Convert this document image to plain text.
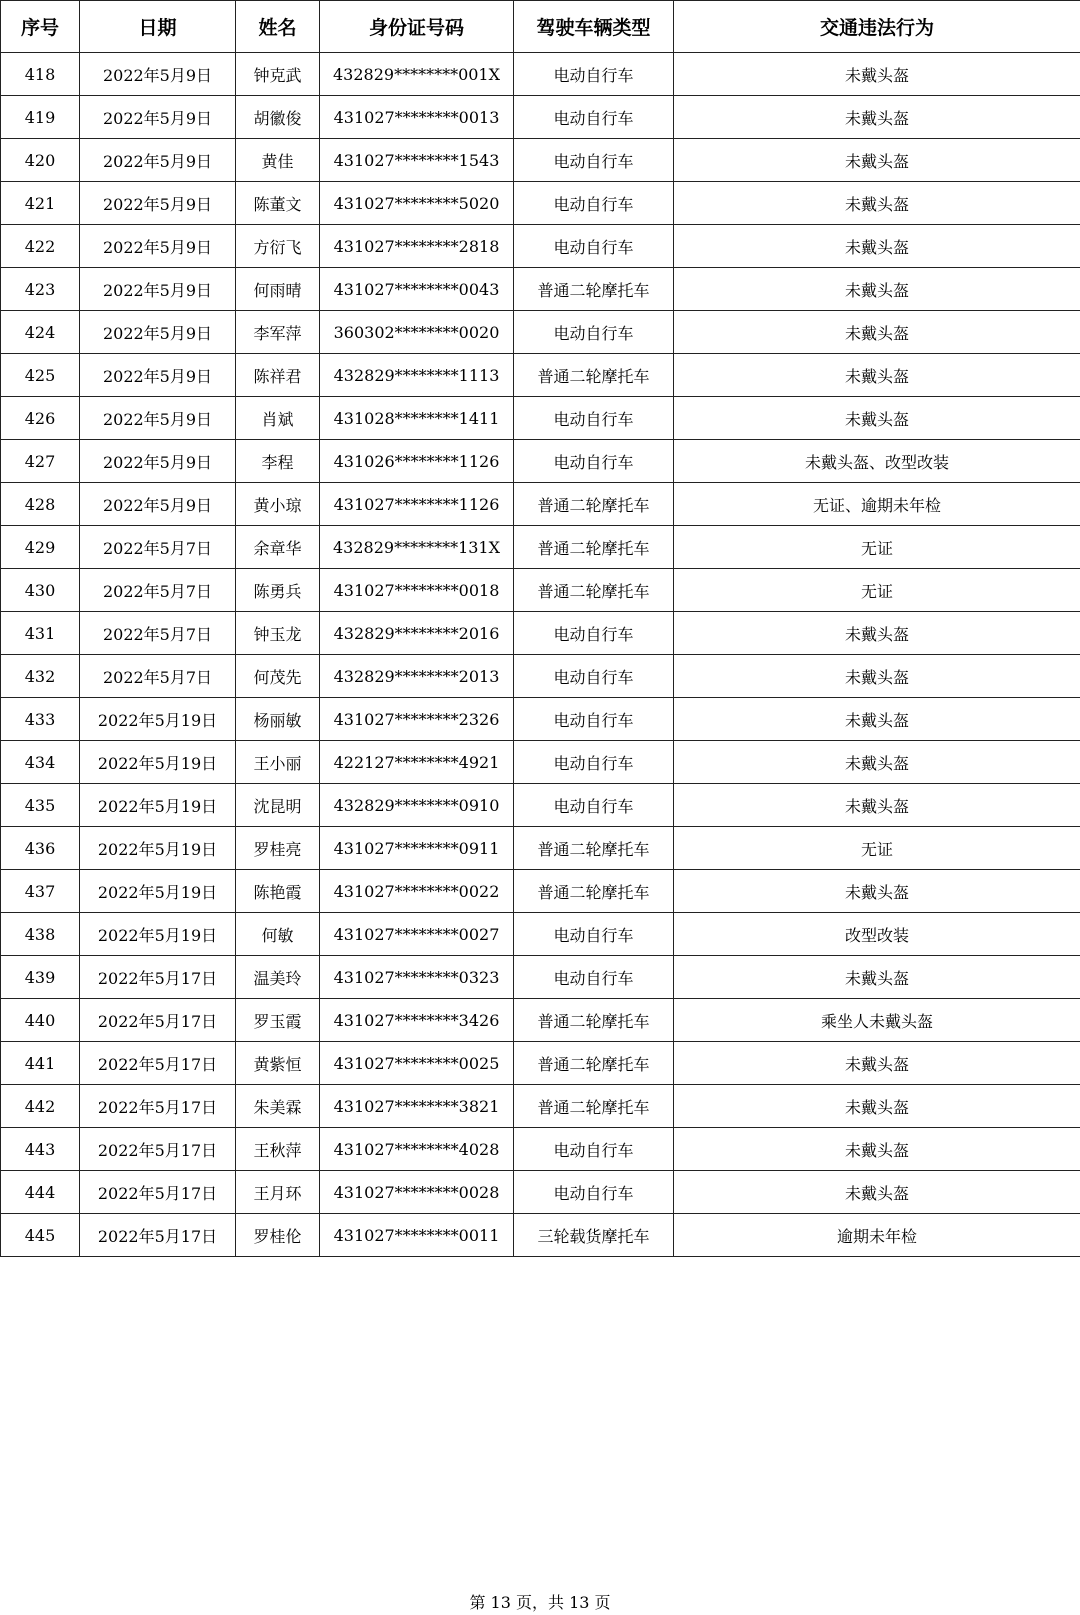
序号	日期	姓名	身份证号码	驾驶车辆类型	交通违法行为
418	2022年5月9日	钟克武	432829********001X	电动自行车	未戴头盔
419	2022年5月9日	胡徽俊	431027********0013	电动自行车	未戴头盔
420	2022年5月9日	黄佳	431027********1543	电动自行车	未戴头盔
421	2022年5月9日	陈董文	431027********5020	电动自行车	未戴头盔
422	2022年5月9日	方衍飞	431027********2818	电动自行车	未戴头盔
423	2022年5月9日	何雨晴	431027********0043	普通二轮摩托车	未戴头盔
424	2022年5月9日	李军萍	360302********0020	电动自行车	未戴头盔
425	2022年5月9日	陈祥君	432829********1113	普通二轮摩托车	未戴头盔
426	2022年5月9日	肖斌	431028********1411	电动自行车	未戴头盔
427	2022年5月9日	李程	431026********1126	电动自行车	未戴头盔、改型改装
428	2022年5月9日	黄小琼	431027********1126	普通二轮摩托车	无证、逾期未年检
429	2022年5月7日	余章华	432829********131X	普通二轮摩托车	无证
430	2022年5月7日	陈勇兵	431027********0018	普通二轮摩托车	无证
431	2022年5月7日	钟玉龙	432829********2016	电动自行车	未戴头盔
432	2022年5月7日	何茂先	432829********2013	电动自行车	未戴头盔
433	2022年5月19日	杨丽敏	431027********2326	电动自行车	未戴头盔
434	2022年5月19日	王小丽	422127********4921	电动自行车	未戴头盔
435	2022年5月19日	沈昆明	432829********0910	电动自行车	未戴头盔
436	2022年5月19日	罗桂亮	431027********0911	普通二轮摩托车	无证
437	2022年5月19日	陈艳霞	431027********0022	普通二轮摩托车	未戴头盔
438	2022年5月19日	何敏	431027********0027	电动自行车	改型改装
439	2022年5月17日	温美玲	431027********0323	电动自行车	未戴头盔
440	2022年5月17日	罗玉霞	431027********3426	普通二轮摩托车	乘坐人未戴头盔
441	2022年5月17日	黄紫恒	431027********0025	普通二轮摩托车	未戴头盔
442	2022年5月17日	朱美霖	431027********3821	普通二轮摩托车	未戴头盔
443	2022年5月17日	王秋萍	431027********4028	电动自行车	未戴头盔
444	2022年5月17日	王月环	431027********0028	电动自行车	未戴头盔
445	2022年5月17日	罗桂伦	431027********0011	三轮载货摩托车	逾期未年检
第 13 页，共 13 页
